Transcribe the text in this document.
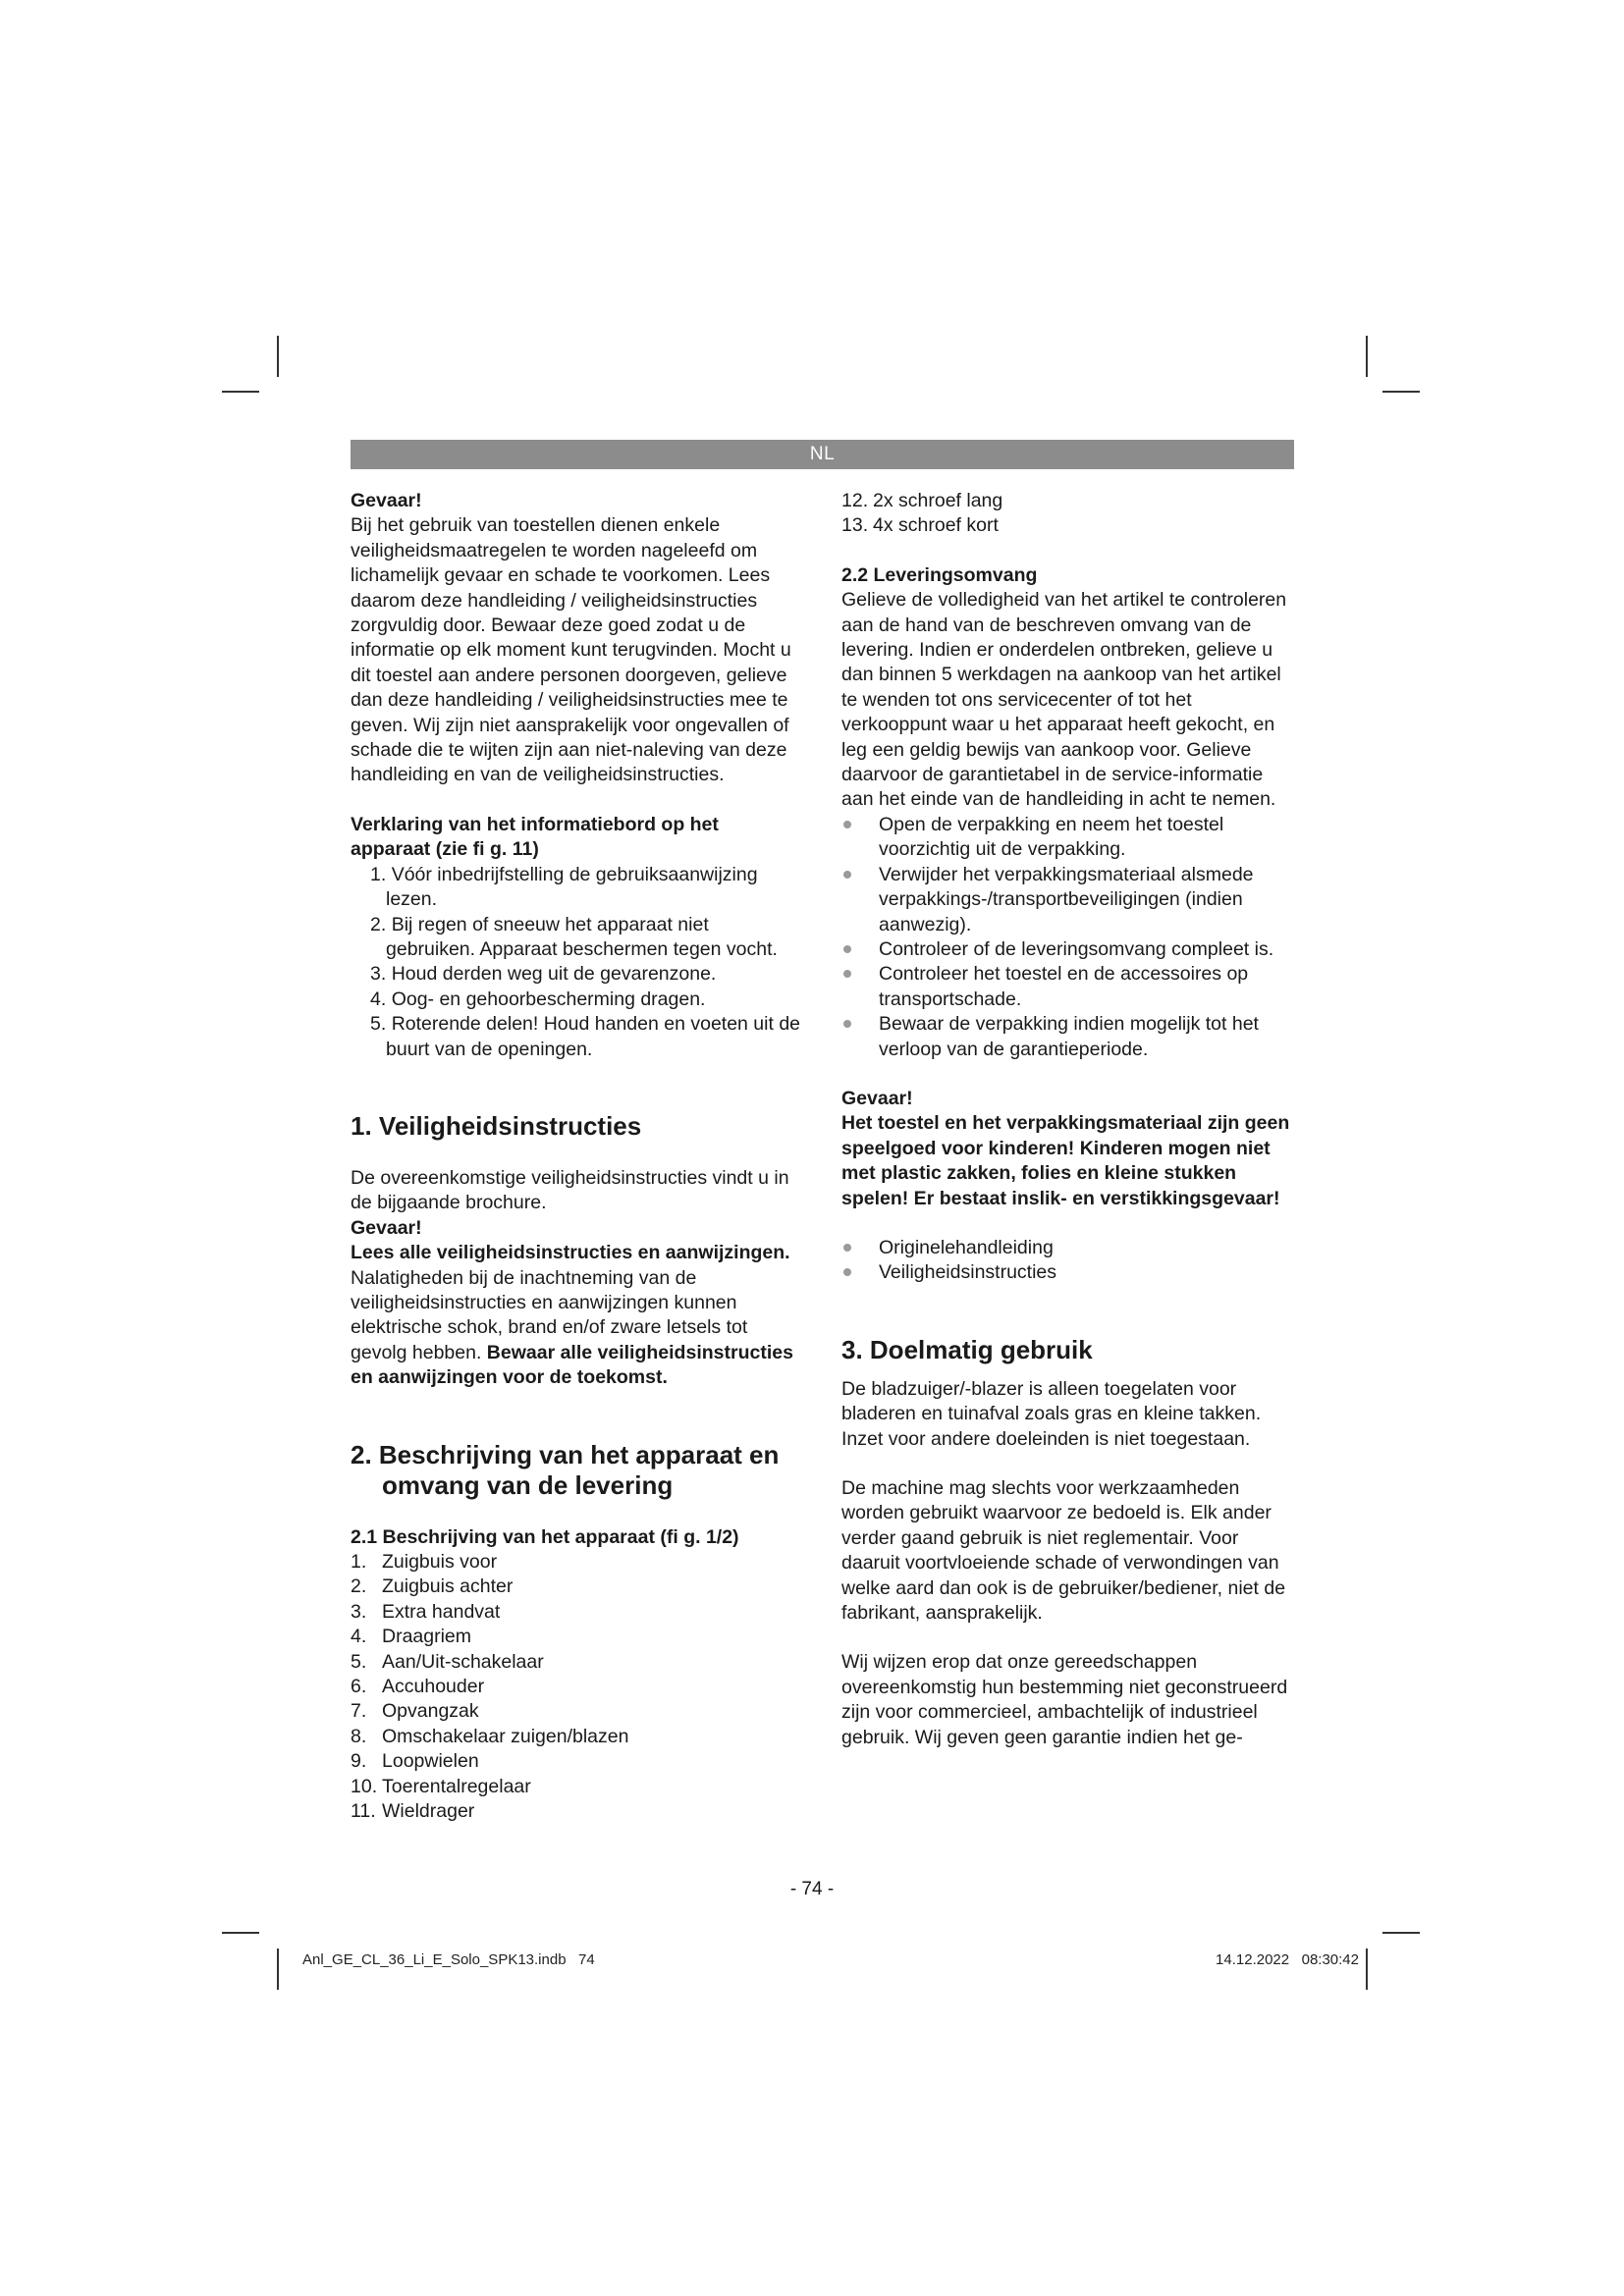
NL

Gevaar!

Bij het gebruik van toestellen dienen enkele veiligheidsmaatregelen te worden nageleefd om lichamelijk gevaar en schade te voorkomen. Lees daarom deze handleiding / veiligheidsinstructies zorgvuldig door. Bewaar deze goed zodat u de informatie op elk moment kunt terugvinden. Mocht u dit toestel aan andere personen doorgeven, gelieve dan deze handleiding / veiligheidsinstructies mee te geven. Wij zijn niet aansprakelijk voor ongevallen of schade die te wijten zijn aan niet-naleving van deze handleiding en van de veiligheidsinstructies.

Verklaring van het informatiebord op het apparaat (zie fi g. 11)

1. Vóór inbedrijfstelling de gebruiksaanwijzing lezen.
2. Bij regen of sneeuw het apparaat niet gebruiken. Apparaat beschermen tegen vocht.
3. Houd derden weg uit de gevarenzone.
4. Oog- en gehoorbescherming dragen.
5. Roterende delen! Houd handen en voeten uit de buurt van de openingen.

1. Veiligheidsinstructies

De overeenkomstige veiligheidsinstructies vindt u in de bijgaande brochure.

Gevaar!

Lees alle veiligheidsinstructies en aanwijzingen. Nalatigheden bij de inachtneming van de veiligheidsinstructies en aanwijzingen kunnen elektrische schok, brand en/of zware letsels tot gevolg hebben. Bewaar alle veiligheidsinstructies en aanwijzingen voor de toekomst.

2. Beschrijving van het apparaat en
omvang van de levering

2.1 Beschrijving van het apparaat (fi g. 1/2)

1. Zuigbuis voor
2. Zuigbuis achter
3. Extra handvat
4. Draagriem
5. Aan/Uit-schakelaar
6. Accuhouder
7. Opvangzak
8. Omschakelaar zuigen/blazen
9. Loopwielen
10. Toerentalregelaar
11. Wieldrager
12. 2x schroef lang
13. 4x schroef kort

2.2 Leveringsomvang

Gelieve de volledigheid van het artikel te controleren aan de hand van de beschreven omvang van de levering. Indien er onderdelen ontbreken, gelieve u dan binnen 5 werkdagen na aankoop van het artikel te wenden tot ons servicecenter of tot het verkooppunt waar u het apparaat heeft gekocht, en leg een geldig bewijs van aankoop voor. Gelieve daarvoor de garantietabel in de service-informatie aan het einde van de handleiding in acht te nemen.

Open de verpakking en neem het toestel voorzichtig uit de verpakking.
Verwijder het verpakkingsmateriaal alsmede verpakkings-/transportbeveiligingen (indien aanwezig).
Controleer of de leveringsomvang compleet is.
Controleer het toestel en de accessoires op transportschade.
Bewaar de verpakking indien mogelijk tot het verloop van de garantieperiode.

Gevaar!

Het toestel en het verpakkingsmateriaal zijn geen speelgoed voor kinderen! Kinderen mogen niet met plastic zakken, folies en kleine stukken spelen! Er bestaat inslik- en verstikkingsgevaar!

Originelehandleiding
Veiligheidsinstructies

3. Doelmatig gebruik

De bladzuiger/-blazer is alleen toegelaten voor bladeren en tuinafval zoals gras en kleine takken. Inzet voor andere doeleinden is niet toegestaan.

De machine mag slechts voor werkzaamheden worden gebruikt waarvoor ze bedoeld is. Elk ander verder gaand gebruik is niet reglementair. Voor daaruit voortvloeiende schade of verwondingen van welke aard dan ook is de gebruiker/bediener, niet de fabrikant, aansprakelijk.

Wij wijzen erop dat onze gereedschappen overeenkomstig hun bestemming niet geconstrueerd zijn voor commercieel, ambachtelijk of industrieel gebruik. Wij geven geen garantie indien het ge-

- 74 -
Anl_GE_CL_36_Li_E_Solo_SPK13.indb   74	14.12.2022   08:30:42
